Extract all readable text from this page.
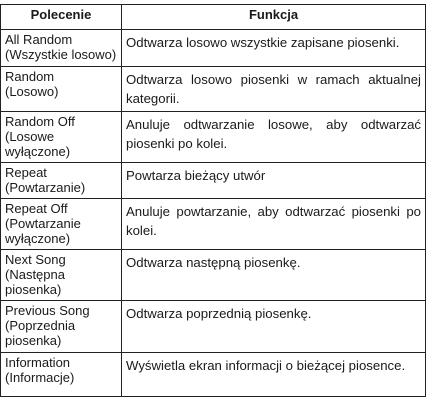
Polecenie	Funkcja

All Random
(Wszystkie losowo)	Odtwarza losowo wszystkie zapisane piosenki.

Random
(Losowo)	Odtwarza losowo piosenki w ramach aktualnej kategorii.

Random Off
(Losowe
wyłączone)	Anuluje odtwarzanie losowe, aby odtwarzać piosenki po kolei.

Repeat
(Powtarzanie)	Powtarza bieżący utwór

Repeat Off
(Powtarzanie
wyłączone)	Anuluje powtarzanie, aby odtwarzać piosenki po kolei.

Next Song
(Następna
piosenka)	Odtwarza następną piosenkę.

Previous Song
(Poprzednia
piosenka)	Odtwarza poprzednią piosenkę.

Information
(Informacje)	Wyświetla ekran informacji o bieżącej piosence.
